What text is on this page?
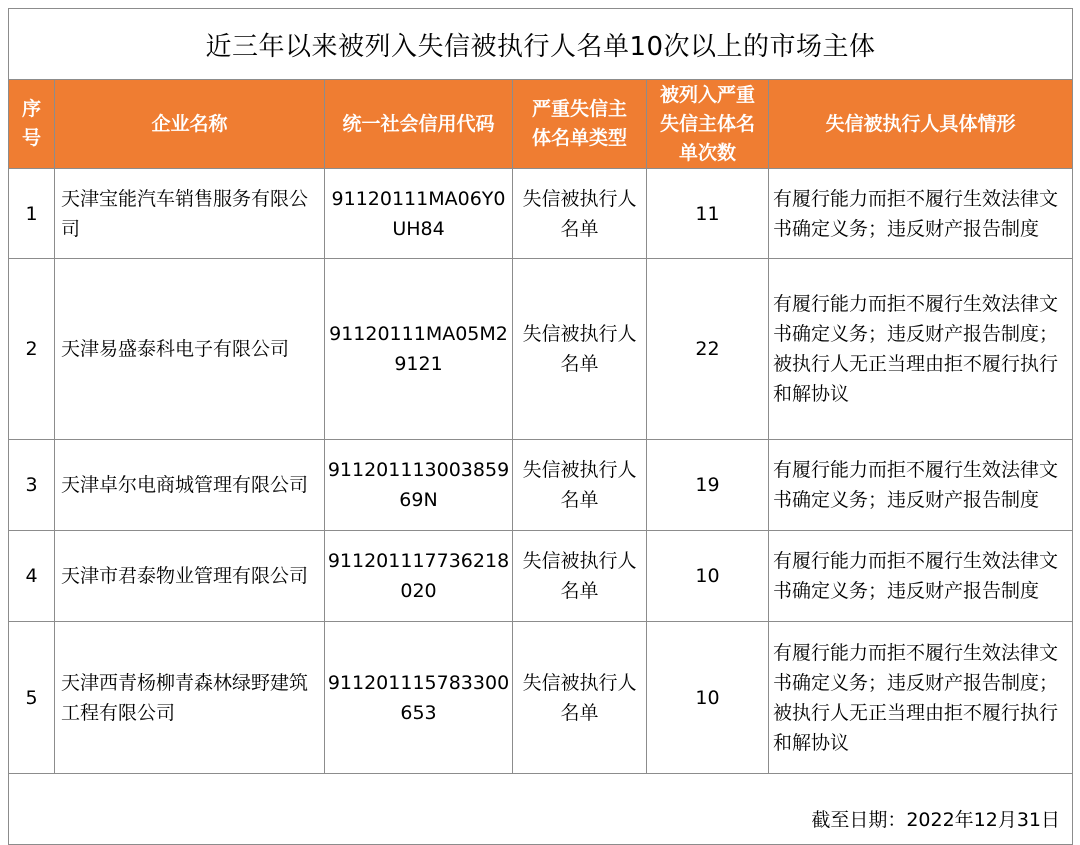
近三年以来被列入失信被执行人名单10次以上的市场主体					

序号	企业名称	统一社会信用代码	严重失信主体名单类型	被列入严重失信主体名单次数	失信被执行人具体情形
1	天津宝能汽车销售服务有限公司	91120111MA06Y0UH84	失信被执行人名单	11	有履行能力而拒不履行生效法律文书确定义务；违反财产报告制度
2	天津易盛泰科电子有限公司	91120111MA05M29121	失信被执行人名单	22	有履行能力而拒不履行生效法律文书确定义务；违反财产报告制度；被执行人无正当理由拒不履行执行和解协议
3	天津卓尔电商城管理有限公司	91120111300385969N	失信被执行人名单	19	有履行能力而拒不履行生效法律文书确定义务；违反财产报告制度
4	天津市君泰物业管理有限公司	911201117736218020	失信被执行人名单	10	有履行能力而拒不履行生效法律文书确定义务；违反财产报告制度
5	天津西青杨柳青森林绿野建筑工程有限公司	911201115783300653	失信被执行人名单	10	有履行能力而拒不履行生效法律文书确定义务；违反财产报告制度；被执行人无正当理由拒不履行执行和解协议
截至日期：2022年12月31日					
